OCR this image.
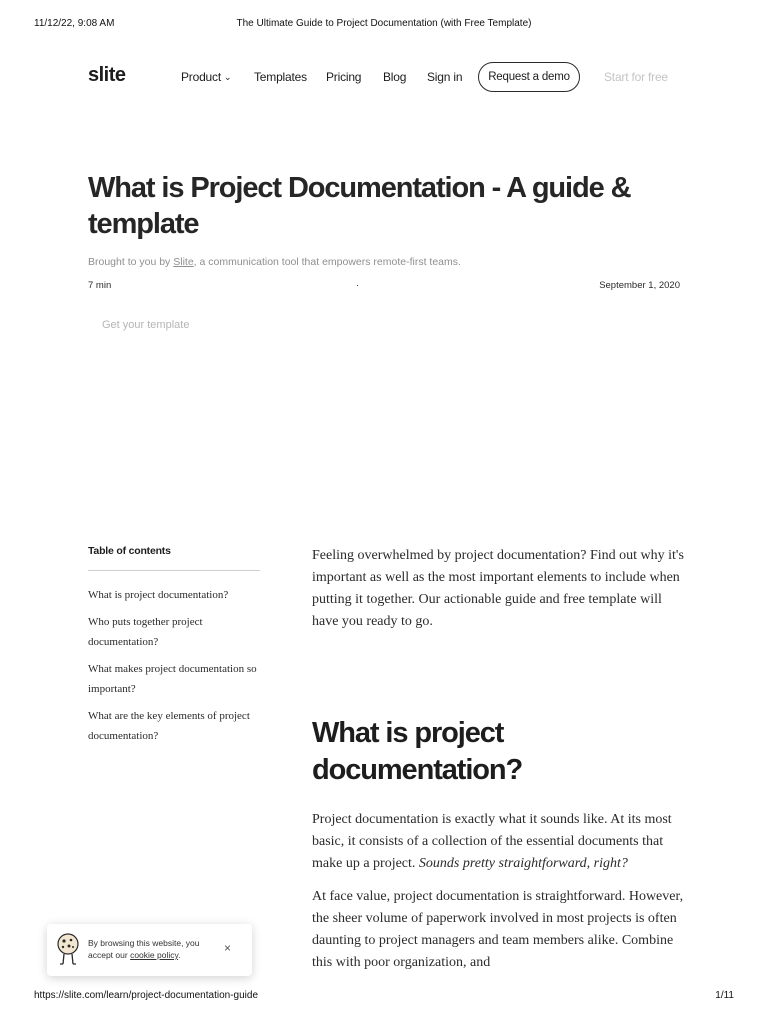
11/12/22, 9:08 AM	The Ultimate Guide to Project Documentation (with Free Template)
slite	Product ⌄ Templates Pricing Blog Sign in	Request a demo	Start for free
What is Project Documentation - A guide & template
Brought to you by Slite, a communication tool that empowers remote-first teams.
7 min	·	September 1, 2020
Get your template
Table of contents
What is project documentation?
Who puts together project documentation?
What makes project documentation so important?
What are the key elements of project documentation?

Feeling overwhelmed by project documentation? Find out why it's important as well as the most important elements to include when putting it together. Our actionable guide and free template will have you ready to go.

What is project documentation?

Project documentation is exactly what it sounds like. At its most basic, it consists of a collection of the essential documents that make up a project. Sounds pretty straightforward, right?

At face value, project documentation is straightforward. However, the sheer volume of paperwork involved in most projects is often daunting to project managers and team members alike. Combine this with poor organization, and

By browsing this website, you accept our cookie policy.	×
https://slite.com/learn/project-documentation-guide	1/11
